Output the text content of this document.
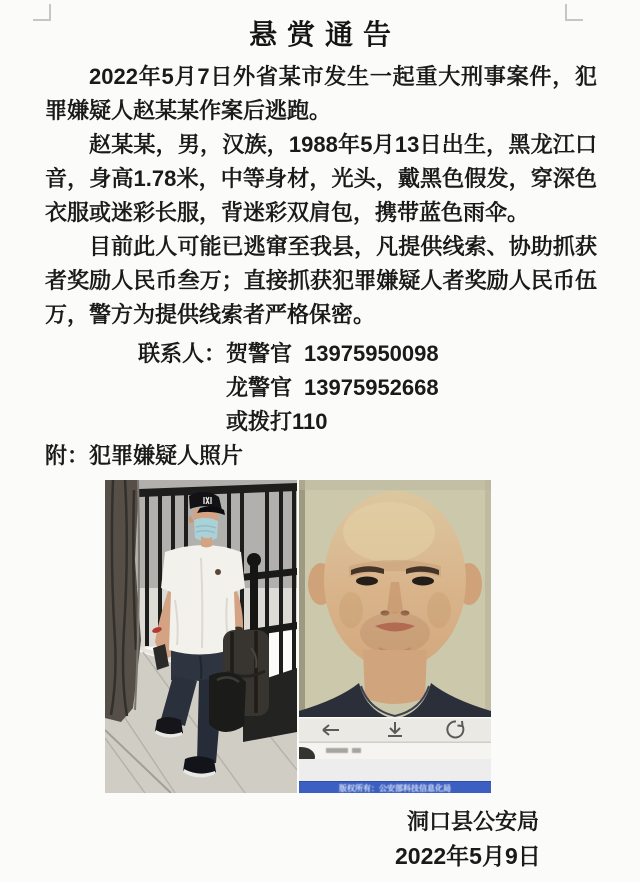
悬赏通告

2022年5月7日外省某市发生一起重大刑事案件，犯罪嫌疑人赵某某作案后逃跑。

赵某某，男，汉族，1988年5月13日出生，黑龙江口音，身高1.78米，中等身材，光头，戴黑色假发，穿深色衣服或迷彩长服，背迷彩双肩包，携带蓝色雨伞。

目前此人可能已逃窜至我县，凡提供线索、协助抓获者奖励人民币叁万；直接抓获犯罪嫌疑人者奖励人民币伍万，警方为提供线索者严格保密。

联系人： 贺警官 13975950098
龙警官 13975952668
或拨打110
附：犯罪嫌疑人照片
版权所有：公安部科技信息化局
洞口县公安局
2022年5月9日
